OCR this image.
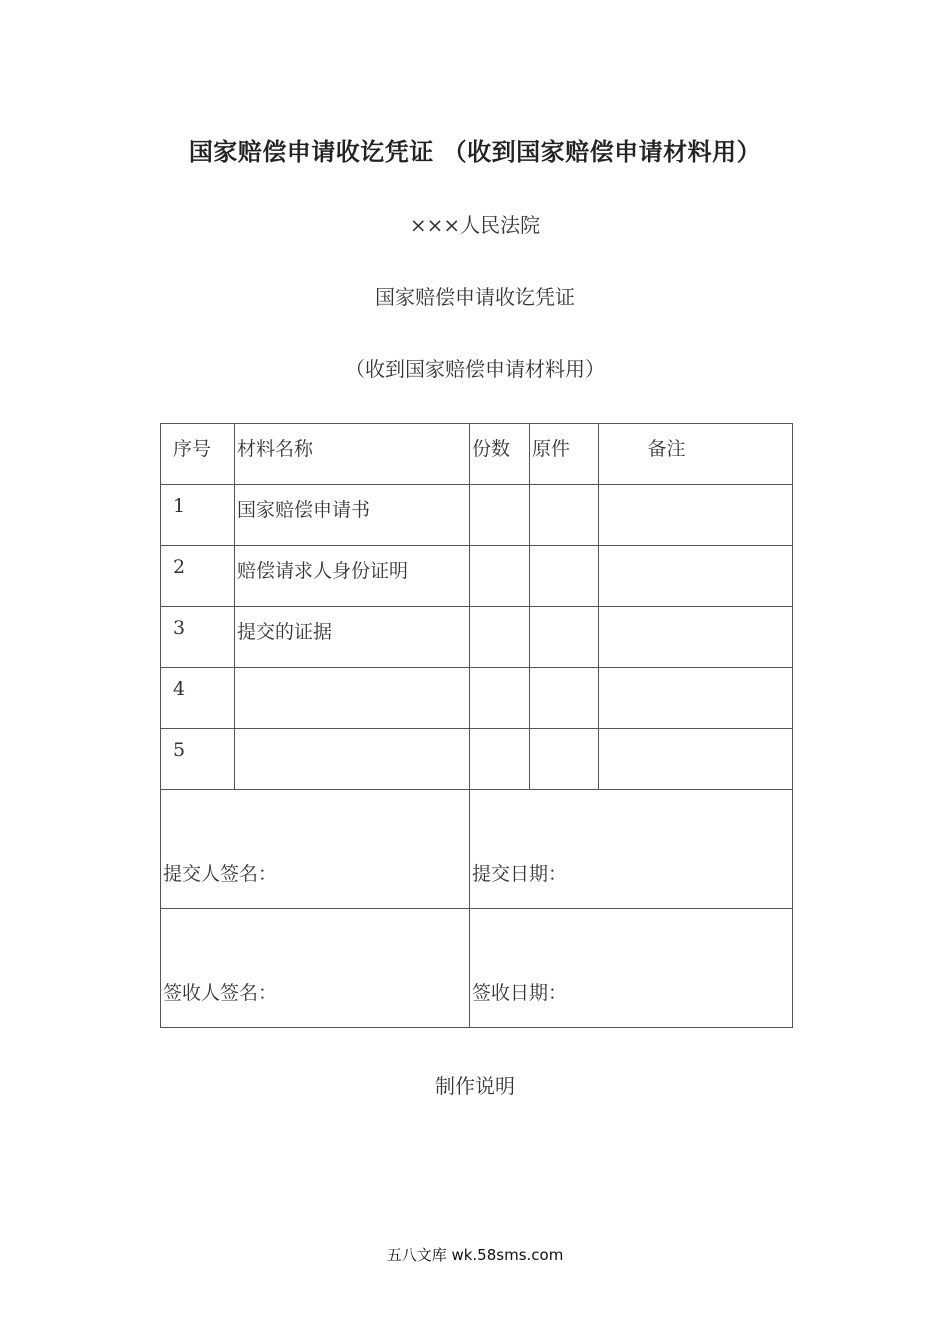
国家赔偿申请收讫凭证 （收到国家赔偿申请材料用）
×××人民法院
国家赔偿申请收讫凭证
（收到国家赔偿申请材料用）
序号	材料名称	份数	原件	备注
1	国家赔偿申请书			
2	赔偿请求人身份证明			
3	提交的证据			
4				
5				
提交人签名：		提交日期：		
签收人签名：		签收日期：		
制作说明
五八文库 wk.58sms.com
